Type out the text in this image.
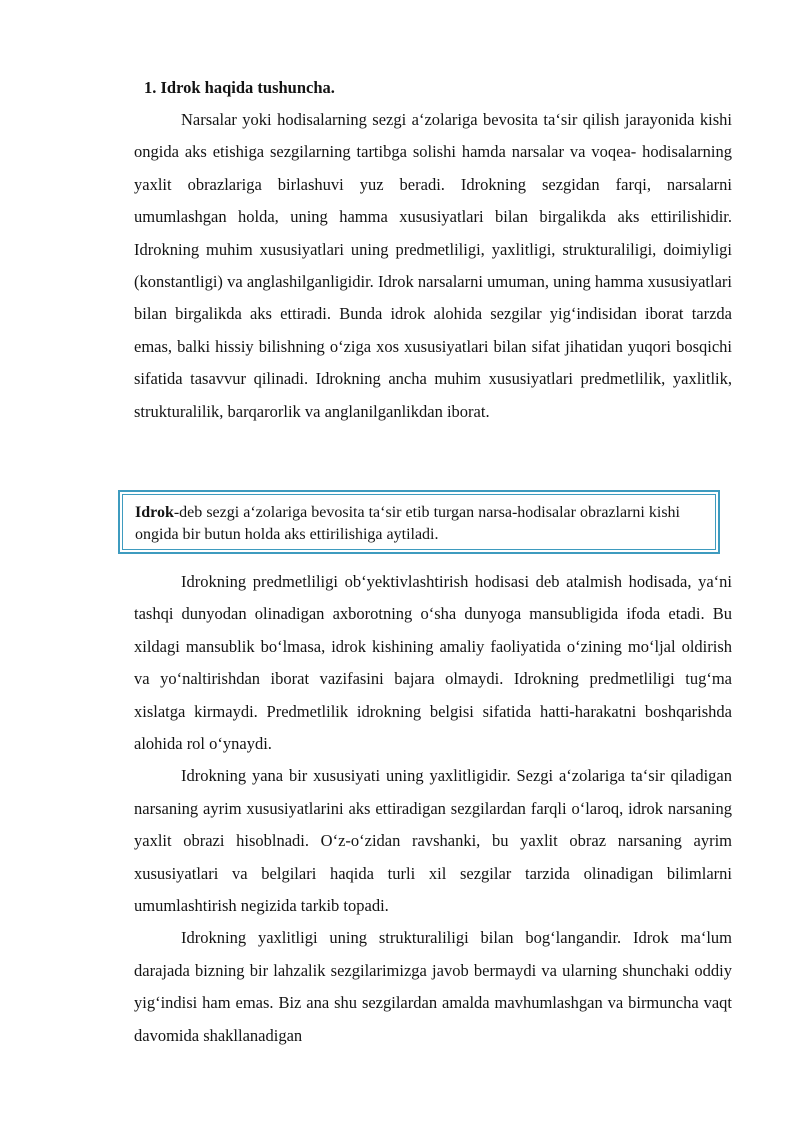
1. Idrok haqida tushuncha.

Narsalar yoki hodisalarning sezgi a‘zolariga bevosita ta‘sir qilish jarayonida kishi ongida aks etishiga sezgilarning tartibga solishi hamda narsalar va voqea- hodisalarning yaxlit obrazlariga birlashuvi yuz beradi. Idrokning sezgidan farqi, narsalarni umumlashgan holda, uning hamma xususiyatlari bilan birgalikda aks ettirilishidir. Idrokning muhim xususiyatlari uning predmetliligi, yaxlitligi, strukturaliligi, doimiyligi (konstantligi) va anglashilganligidir. Idrok narsalarni umuman, uning hamma xususiyatlari bilan birgalikda aks ettiradi. Bunda idrok alohida sezgilar yig‘indisidan iborat tarzda emas, balki hissiy bilishning o‘ziga xos xususiyatlari bilan sifat jihatidan yuqori bosqichi sifatida tasavvur qilinadi. Idrokning ancha muhim xususiyatlari predmetlilik, yaxlitlik, strukturalilik, barqarorlik va anglanilganlikdan iborat.

Idrok-deb sezgi a‘zolariga bevosita ta‘sir etib turgan narsa-hodisalar obrazlarni kishi ongida bir butun holda aks ettirilishiga aytiladi.

Idrokning predmetliligi ob‘yektivlashtirish hodisasi deb atalmish hodisada, ya‘ni tashqi dunyodan olinadigan axborotning o‘sha dunyoga mansubligida ifoda etadi. Bu xildagi mansublik bo‘lmasa, idrok kishining amaliy faoliyatida o‘zining mo‘ljal oldirish va yo‘naltirishdan iborat vazifasini bajara olmaydi. Idrokning predmetliligi tug‘ma xislatga kirmaydi. Predmetlilik idrokning belgisi sifatida hatti-harakatni boshqarishda alohida rol o‘ynaydi.

Idrokning yana bir xususiyati uning yaxlitligidir. Sezgi a‘zolariga ta‘sir qiladigan narsaning ayrim xususiyatlarini aks ettiradigan sezgilardan farqli o‘laroq, idrok narsaning yaxlit obrazi hisoblnadi. O‘z-o‘zidan ravshanki, bu yaxlit obraz narsaning ayrim xususiyatlari va belgilari haqida turli xil sezgilar tarzida olinadigan bilimlarni umumlashtirish negizida tarkib topadi.

Idrokning yaxlitligi uning strukturaliligi bilan bog‘langandir. Idrok ma‘lum darajada bizning bir lahzalik sezgilarimizga javob bermaydi va ularning shunchaki oddiy yig‘indisi ham emas. Biz ana shu sezgilardan amalda mavhumlashgan va birmuncha vaqt davomida shakllanadigan
